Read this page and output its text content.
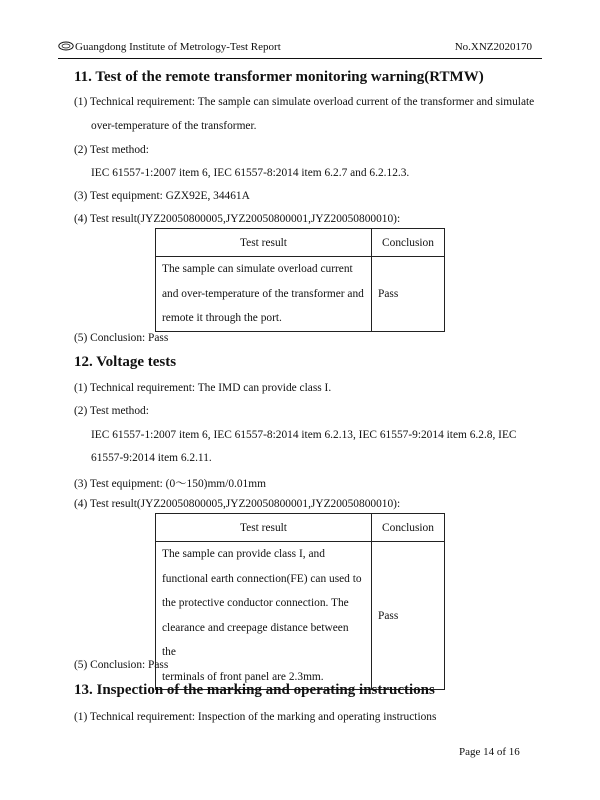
Guangdong Institute of Metrology-Test Report	No.XNZ2020170
11. Test of the remote transformer monitoring warning(RTMW)
(1) Technical requirement: The sample can simulate overload current of the transformer and simulate
over-temperature of the transformer.
(2) Test method:
IEC 61557-1:2007 item 6, IEC 61557-8:2014 item 6.2.7 and 6.2.12.3.
(3) Test equipment: GZX92E, 34461A
(4) Test result(JYZ20050800005,JYZ20050800001,JYZ20050800010):
Test result	Conclusion

The sample can simulate overload current
and over-temperature of the transformer and
remote it through the port.	Pass
(5) Conclusion: Pass
12. Voltage tests
(1) Technical requirement: The IMD can provide class I.
(2) Test method:
IEC 61557-1:2007 item 6, IEC 61557-8:2014 item 6.2.13, IEC 61557-9:2014 item 6.2.8, IEC
61557-9:2014 item 6.2.11.
(3) Test equipment: (0～150)mm/0.01mm
(4) Test result(JYZ20050800005,JYZ20050800001,JYZ20050800010):
Test result	Conclusion

The sample can provide class I, and
functional earth connection(FE) can used to
the protective conductor connection. The
clearance and creepage distance between the
terminals of front panel are 2.3mm.	Pass
(5) Conclusion: Pass
13. Inspection of the marking and operating instructions
(1) Technical requirement: Inspection of the marking and operating instructions
Page 14 of 16
